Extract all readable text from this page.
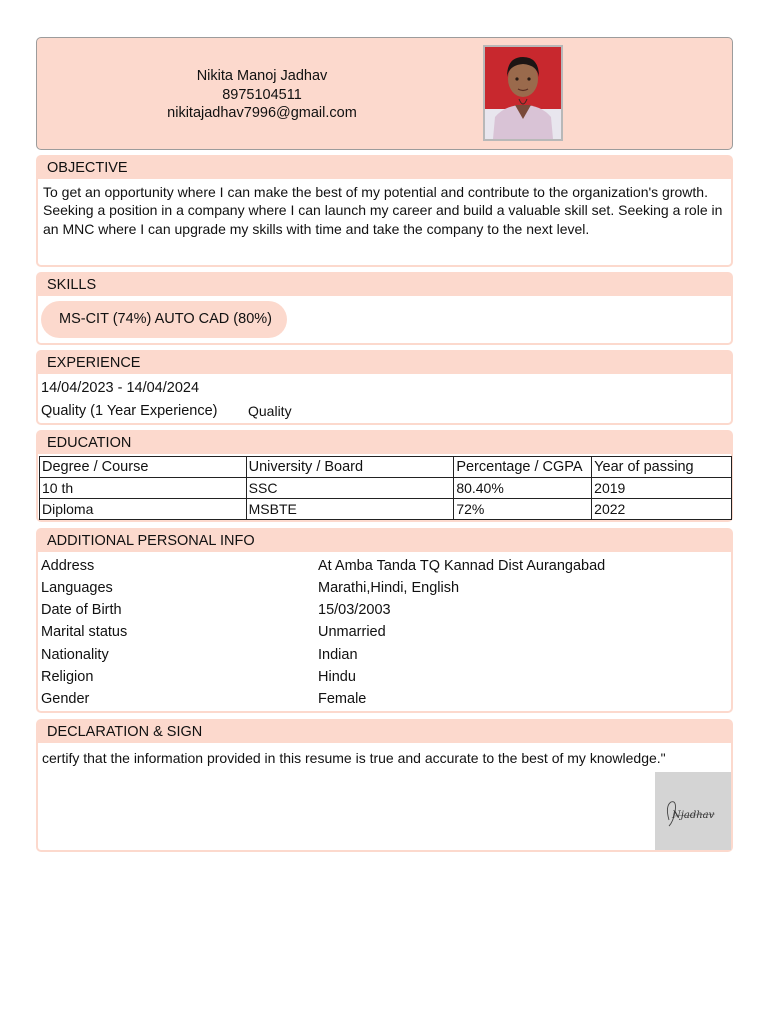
Nikita Manoj Jadhav
8975104511
nikitajadhav7996@gmail.com
OBJECTIVE
To get an opportunity where I can make the best of my potential and contribute to the organization's growth. Seeking a position in a company where I can launch my career and build a valuable skill set. Seeking a role in an MNC where I can upgrade my skills with time and take the company to the next level.
SKILLS
MS-CIT (74%) AUTO CAD (80%)
EXPERIENCE
14/04/2023 - 14/04/2024
Quality (1 Year Experience) Quality
EDUCATION
Degree / Course	University / Board	Percentage / CGPA	Year of passing
10 th	SSC	80.40%	2019
Diploma	MSBTE	72%	2022
ADDITIONAL PERSONAL INFO
Address	At Amba Tanda TQ Kannad Dist Aurangabad
Languages	Marathi,Hindi, English
Date of Birth	15/03/2003
Marital status	Unmarried
Nationality	Indian
Religion	Hindu
Gender	Female
DECLARATION & SIGN
certify that the information provided in this resume is true and accurate to the best of my knowledge."
Njadhav
